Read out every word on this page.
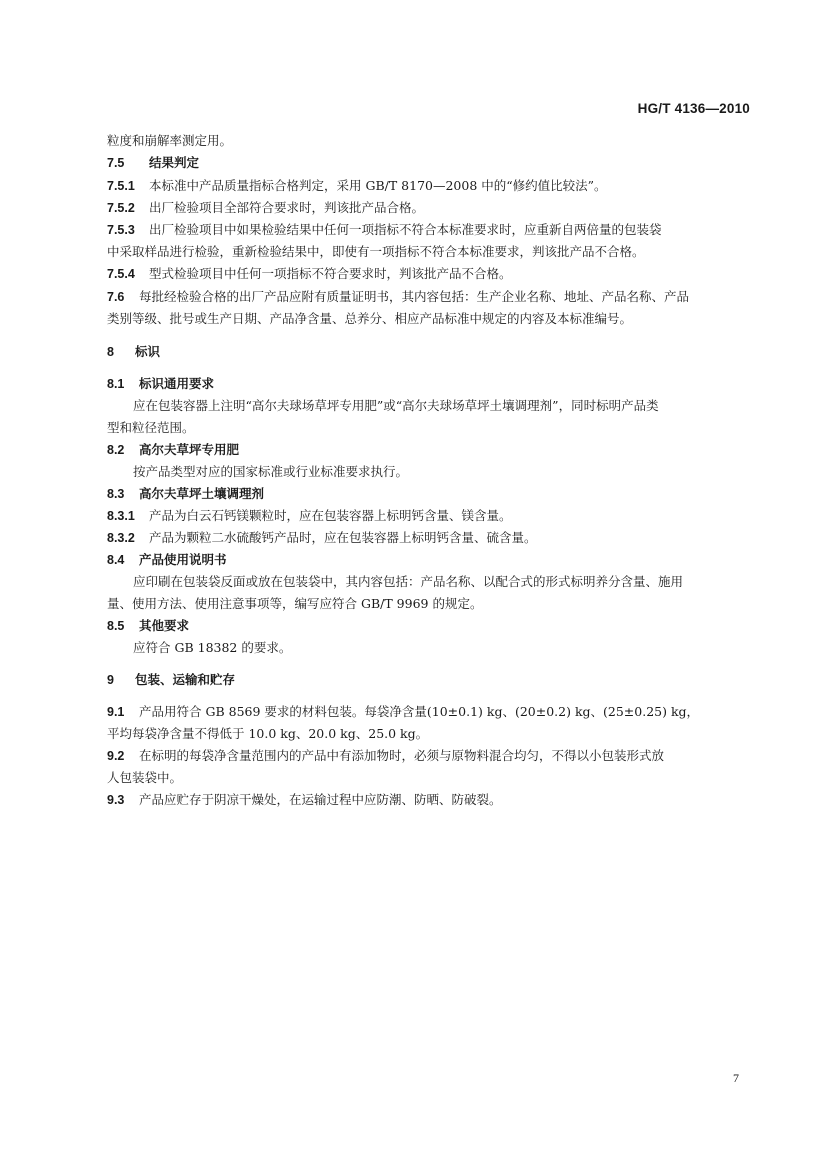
HG/T 4136—2010
粒度和崩解率测定用。
7.5 结果判定
7.5.1 本标准中产品质量指标合格判定，采用 GB/T 8170—2008 中的“修约值比较法”。
7.5.2 出厂检验项目全部符合要求时，判该批产品合格。
7.5.3 出厂检验项目中如果检验结果中任何一项指标不符合本标准要求时，应重新自两倍量的包装袋
中采取样品进行检验，重新检验结果中，即使有一项指标不符合本标准要求，判该批产品不合格。
7.5.4 型式检验项目中任何一项指标不符合要求时，判该批产品不合格。
7.6 每批经检验合格的出厂产品应附有质量证明书，其内容包括：生产企业名称、地址、产品名称、产品
类别等级、批号或生产日期、产品净含量、总养分、相应产品标准中规定的内容及本标准编号。
8 标识
8.1 标识通用要求
应在包装容器上注明“高尔夫球场草坪专用肥”或“高尔夫球场草坪土壤调理剂”，同时标明产品类
型和粒径范围。
8.2 高尔夫草坪专用肥
按产品类型对应的国家标准或行业标准要求执行。
8.3 高尔夫草坪土壤调理剂
8.3.1 产品为白云石钙镁颗粒时，应在包装容器上标明钙含量、镁含量。
8.3.2 产品为颗粒二水硫酸钙产品时，应在包装容器上标明钙含量、硫含量。
8.4 产品使用说明书
应印刷在包装袋反面或放在包装袋中，其内容包括：产品名称、以配合式的形式标明养分含量、施用
量、使用方法、使用注意事项等，编写应符合 GB/T 9969 的规定。
8.5 其他要求
应符合 GB 18382 的要求。
9 包装、运输和贮存
9.1 产品用符合 GB 8569 要求的材料包装。每袋净含量(10±0.1) kg、(20±0.2) kg、(25±0.25) kg，
平均每袋净含量不得低于 10.0 kg、20.0 kg、25.0 kg。
9.2 在标明的每袋净含量范围内的产品中有添加物时，必须与原物料混合均匀，不得以小包装形式放
人包装袋中。
9.3 产品应贮存于阴凉干燥处，在运输过程中应防潮、防晒、防破裂。
7
